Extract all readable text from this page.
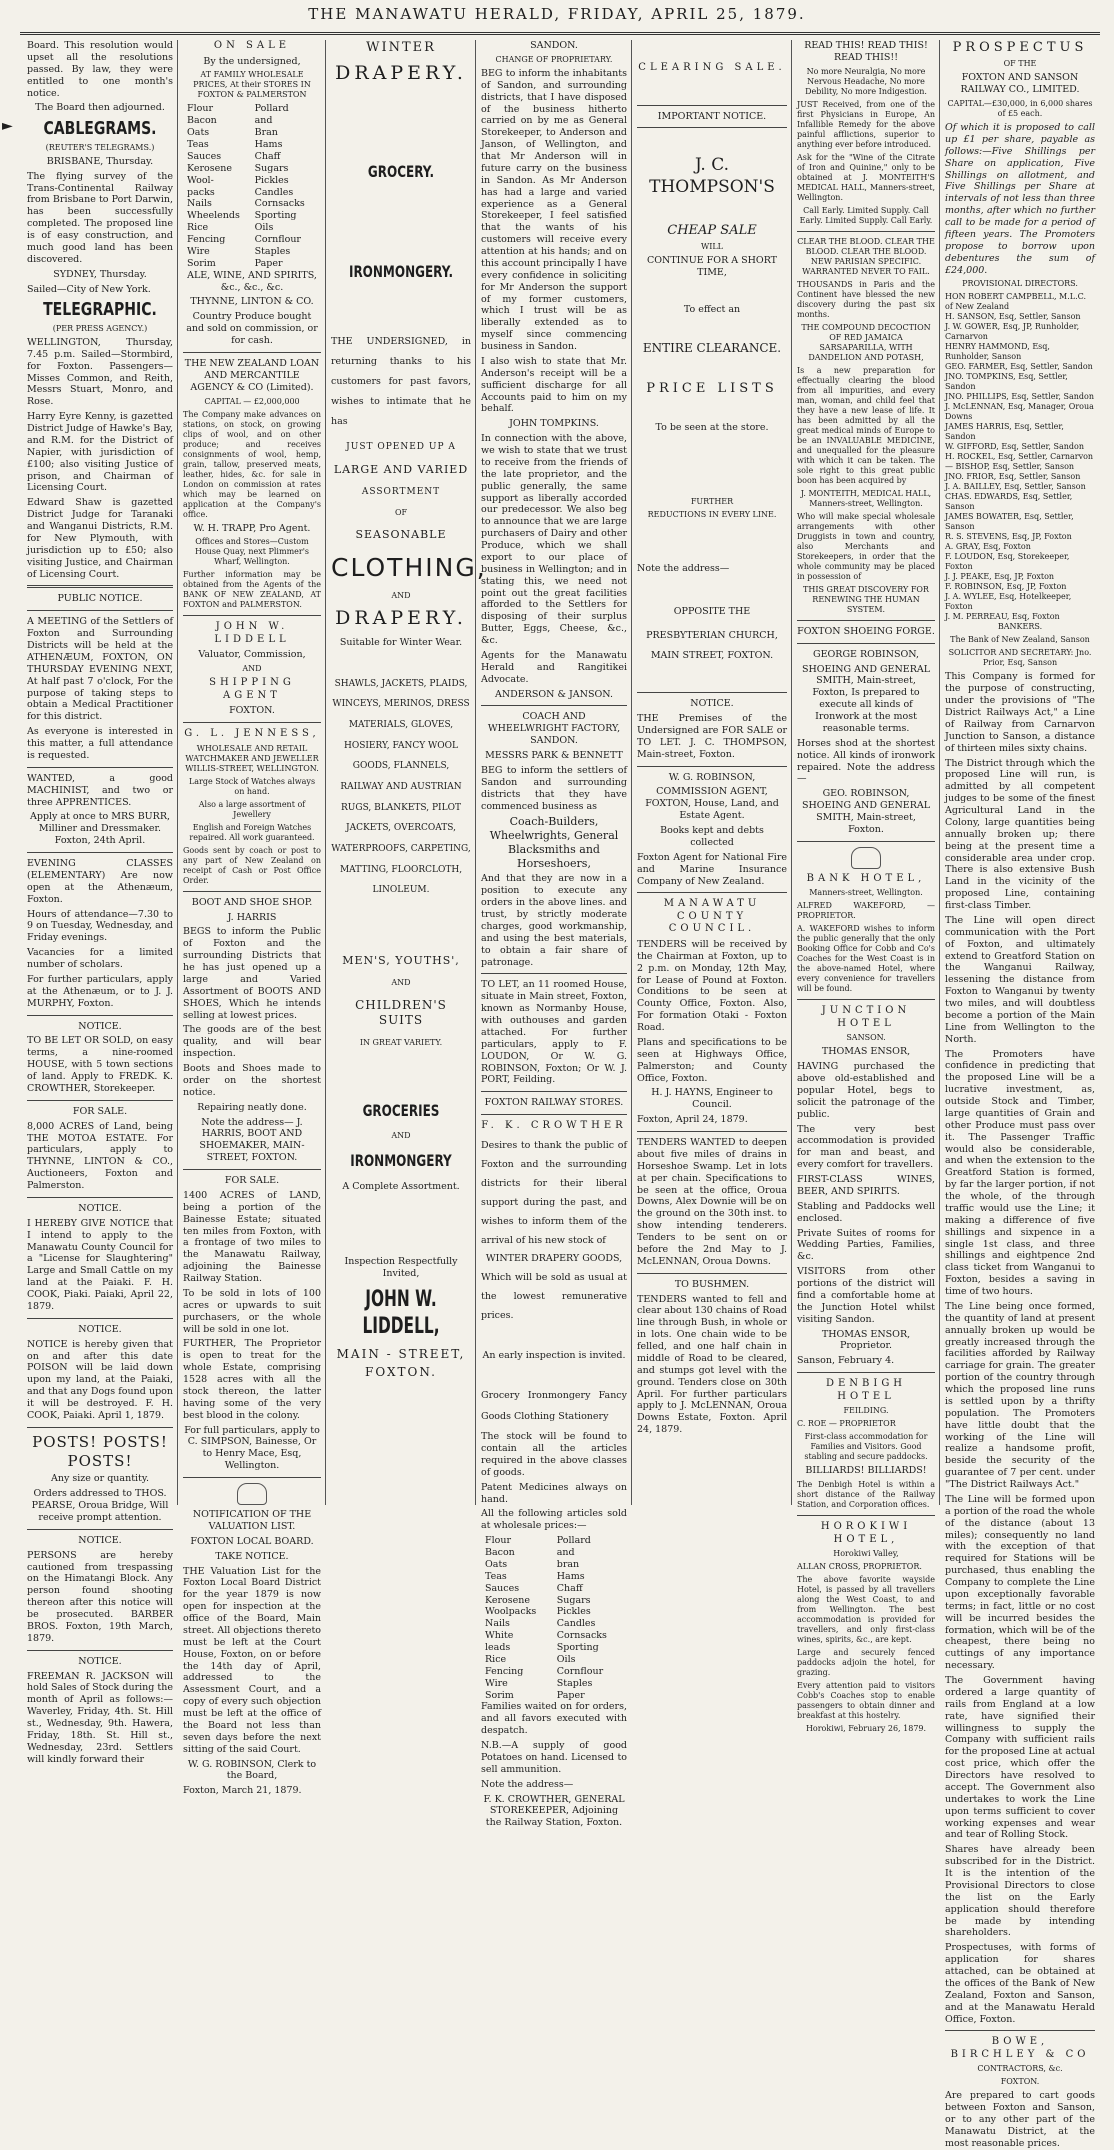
THE MANAWATU HERALD, FRIDAY, APRIL 25, 1879.
►

Board. This resolution would upset all the resolutions passed. By law, they were entitled to one month's notice.

The Board then adjourned.

CABLEGRAMS.

(REUTER'S TELEGRAMS.)

BRISBANE, Thursday.

The flying survey of the Trans-Continental Railway from Brisbane to Port Darwin, has been successfully completed. The proposed line is of easy construction, and much good land has been discovered.

SYDNEY, Thursday.

Sailed—City of New York.

TELEGRAPHIC.

(PER PRESS AGENCY.)

WELLINGTON, Thursday, 7.45 p.m. Sailed—Stormbird, for Foxton. Passengers—Misses Common, and Reith, Messrs Stuart, Monro, and Rose.

Harry Eyre Kenny, is gazetted District Judge of Hawke's Bay, and R.M. for the District of Napier, with jurisdiction of £100; also visiting Justice of prison, and Chairman of Licensing Court.

Edward Shaw is gazetted District Judge for Taranaki and Wanganui Districts, R.M. for New Plymouth, with jurisdiction up to £50; also visiting Justice, and Chairman of Licensing Court.

PUBLIC NOTICE.

A MEETING of the Settlers of Foxton and Surrounding Districts will be held at the ATHENÆUM, FOXTON, ON THURSDAY EVENING NEXT, At half past 7 o'clock, For the purpose of taking steps to obtain a Medical Practitioner for this district.

As everyone is interested in this matter, a full attendance is requested.

WANTED, a good MACHINIST, and two or three APPRENTICES.

Apply at once to MRS BURR, Milliner and Dressmaker. Foxton, 24th April.

EVENING CLASSES (ELEMENTARY) Are now open at the Athenæum, Foxton.

Hours of attendance—7.30 to 9 on Tuesday, Wednesday, and Friday evenings.

Vacancies for a limited number of scholars.

For further particulars, apply at the Athenæum, or to J. J. MURPHY, Foxton.

NOTICE.

TO BE LET OR SOLD, on easy terms, a nine-roomed HOUSE, with 5 town sections of land. Apply to FREDK. K. CROWTHER, Storekeeper.

FOR SALE.

8,000 ACRES of Land, being THE MOTOA ESTATE. For particulars, apply to THYNNE, LINTON & CO., Auctioneers, Foxton and Palmerston.

NOTICE.

I HEREBY GIVE NOTICE that I intend to apply to the Manawatu County Council for a "License for Slaughtering" Large and Small Cattle on my land at the Paiaki. F. H. COOK, Piaki. Paiaki, April 22, 1879.

NOTICE.

NOTICE is hereby given that on and after this date POISON will be laid down upon my land, at the Paiaki, and that any Dogs found upon it will be destroyed. F. H. COOK, Paiaki. April 1, 1879.

POSTS! POSTS! POSTS!

Any size or quantity.

Orders addressed to THOS. PEARSE, Oroua Bridge, Will receive prompt attention.

NOTICE.

PERSONS are hereby cautioned from trespassing on the Himatangi Block. Any person found shooting thereon after this notice will be prosecuted. BARBER BROS. Foxton, 19th March, 1879.

NOTICE.

FREEMAN R. JACKSON will hold Sales of Stock during the month of April as follows:— Waverley, Friday, 4th. St. Hill st., Wednesday, 9th. Hawera, Friday, 18th. St. Hill st., Wednesday, 23rd. Settlers will kindly forward their

ON SALE

By the undersigned,

AT FAMILY WHOLESALE PRICES, At their STORES IN FOXTON & PALMERSTON

Flour
Bacon
Oats
Teas
Sauces
Kerosene
Wool-packs
Nails
Wheelends
Rice
Fencing Wire
Sorim
Pollard and Bran
Hams
Chaff
Sugars
Pickles
Candles
Cornsacks
Sporting
Oils
Cornflour
Staples
Paper

ALE, WINE, AND SPIRITS, &c., &c., &c.

THYNNE, LINTON & CO.

Country Produce bought and sold on commission, or for cash.

THE NEW ZEALAND LOAN AND MERCANTILE AGENCY & CO (Limited).

CAPITAL — £2,000,000

The Company make advances on stations, on stock, on growing clips of wool, and on other produce; and receives consignments of wool, hemp, grain, tallow, preserved meats, leather, hides, &c. for sale in London on commission at rates which may be learned on application at the Company's office.

W. H. TRAPP, Pro Agent.

Offices and Stores—Custom House Quay, next Plimmer's Wharf, Wellington.

Further information may be obtained from the Agents of the BANK OF NEW ZEALAND, AT FOXTON and PALMERSTON.

JOHN W. LIDDELL

Valuator, Commission,

AND

SHIPPING AGENT

FOXTON.

G. L. JENNESS,

WHOLESALE AND RETAIL WATCHMAKER AND JEWELLER WILLIS-STREET, WELLINGTON.

Large Stock of Watches always on hand.

Also a large assortment of Jewellery

English and Foreign Watches repaired. All work guaranteed.

Goods sent by coach or post to any part of New Zealand on receipt of Cash or Post Office Order.

BOOT AND SHOE SHOP.

J. HARRIS

BEGS to inform the Public of Foxton and the surrounding Districts that he has just opened up a large and Varied Assortment of BOOTS AND SHOES, Which he intends selling at lowest prices.

The goods are of the best quality, and will bear inspection.

Boots and Shoes made to order on the shortest notice.

Repairing neatly done.

Note the address— J. HARRIS, BOOT AND SHOEMAKER, MAIN-STREET, FOXTON.

FOR SALE.

1400 ACRES of LAND, being a portion of the Bainesse Estate; situated ten miles from Foxton, with a frontage of two miles to the Manawatu Railway, adjoining the Bainesse Railway Station.

To be sold in lots of 100 acres or upwards to suit purchasers, or the whole will be sold in one lot.

FURTHER, The Proprietor is open to treat for the whole Estate, comprising 1528 acres with all the stock thereon, the latter having some of the very best blood in the colony.

For full particulars, apply to C. SIMPSON, Bainesse, Or to Henry Mace, Esq, Wellington.

NOTIFICATION OF THE VALUATION LIST.

FOXTON LOCAL BOARD.

TAKE NOTICE.

THE Valuation List for the Foxton Local Board District for the year 1879 is now open for inspection at the office of the Board, Main street. All objections thereto must be left at the Court House, Foxton, on or before the 14th day of April, addressed to the Assessment Court, and a copy of every such objection must be left at the office of the Board not less than seven days before the next sitting of the said Court.

W. G. ROBINSON, Clerk to the Board,

Foxton, March 21, 1879.

WINTER

DRAPERY.
GROCERY.
IRONMONGERY.

THE UNDERSIGNED, in returning thanks to his customers for past favors, wishes to intimate that he has

JUST OPENED UP A

LARGE AND VARIED

ASSORTMENT

OF

SEASONABLE

CLOTHING,

AND

DRAPERY.

Suitable for Winter Wear.

SHAWLS, JACKETS, PLAIDS, WINCEYS, MERINOS, DRESS MATERIALS, GLOVES, HOSIERY, FANCY WOOL GOODS, FLANNELS, RAILWAY AND AUSTRIAN RUGS, BLANKETS, PILOT JACKETS, OVERCOATS, WATERPROOFS, CARPETING, MATTING, FLOORCLOTH, LINOLEUM.

MEN'S, YOUTHS',

AND

CHILDREN'S SUITS

IN GREAT VARIETY.

GROCERIES

AND

IRONMONGERY

A Complete Assortment.

Inspection Respectfully Invited,

JOHN W. LIDDELL,

MAIN - STREET,

FOXTON.

SANDON.

CHANGE OF PROPRIETARY.

BEG to inform the inhabitants of Sandon, and surrounding districts, that I have disposed of the business hitherto carried on by me as General Storekeeper, to Anderson and Janson, of Wellington, and that Mr Anderson will in future carry on the business in Sandon. As Mr Anderson has had a large and varied experience as a General Storekeeper, I feel satisfied that the wants of his customers will receive every attention at his hands; and on this account principally I have every confidence in soliciting for Mr Anderson the support of my former customers, which I trust will be as liberally extended as to myself since commencing business in Sandon.

I also wish to state that Mr. Anderson's receipt will be a sufficient discharge for all Accounts paid to him on my behalf.

JOHN TOMPKINS.

In connection with the above, we wish to state that we trust to receive from the friends of the late proprietor, and the public generally, the same support as liberally accorded our predecessor. We also beg to announce that we are large purchasers of Dairy and other Produce, which we shall export to our place of business in Wellington; and in stating this, we need not point out the great facilities afforded to the Settlers for disposing of their surplus Butter, Eggs, Cheese, &c., &c.

Agents for the Manawatu Herald and Rangitikei Advocate.

ANDERSON & JANSON.

COACH AND WHEELWRIGHT FACTORY, SANDON.

MESSRS PARK & BENNETT

BEG to inform the settlers of Sandon and surrounding districts that they have commenced business as

Coach-Builders, Wheelwrights, General Blacksmiths and Horseshoers,

And that they are now in a position to execute any orders in the above lines. and trust, by strictly moderate charges, good workmanship, and using the best materials, to obtain a fair share of patronage.

TO LET, an 11 roomed House, situate in Main street, Foxton, known as Normanby House, with outhouses and garden attached. For further particulars, apply to F. LOUDON, Or W. G. ROBINSON, Foxton; Or W. J. PORT, Feilding.

FOXTON RAILWAY STORES.

F. K. CROWTHER

Desires to thank the public of Foxton and the surrounding districts for their liberal support during the past, and wishes to inform them of the arrival of his new stock of

WINTER DRAPERY GOODS,

Which will be sold as usual at the lowest remunerative prices.

An early inspection is invited.

Grocery Ironmongery Fancy Goods Clothing Stationery

The stock will be found to contain all the articles required in the above classes of goods.

Patent Medicines always on hand.

All the following articles sold at wholesale prices:—

Flour
Bacon
Oats
Teas
Sauces
Kerosene
Woolpacks
Nails
White leads
Rice
Fencing Wire
Sorim
Pollard and bran
Hams
Chaff
Sugars
Pickles
Candles
Cornsacks
Sporting
Oils
Cornflour
Staples
Paper

Families waited on for orders, and all favors executed with despatch.

N.B.—A supply of good Potatoes on hand. Licensed to sell ammunition.

Note the address—

F. K. CROWTHER, GENERAL STOREKEEPER, Adjoining the Railway Station, Foxton.

CLEARING SALE.

IMPORTANT NOTICE.

J. C. THOMPSON'S

CHEAP SALE

WILL

CONTINUE FOR A SHORT TIME,

To effect an

ENTIRE CLEARANCE.

PRICE LISTS

To be seen at the store.

FURTHER

REDUCTIONS IN EVERY LINE.

Note the address—

OPPOSITE THE PRESBYTERIAN CHURCH,

MAIN STREET, FOXTON.

NOTICE.

THE Premises of the Undersigned are FOR SALE or TO LET. J. C. THOMPSON, Main-street, Foxton.

W. G. ROBINSON,

COMMISSION AGENT, FOXTON, House, Land, and Estate Agent.

Books kept and debts collected

Foxton Agent for National Fire and Marine Insurance Company of New Zealand.

MANAWATU COUNTY COUNCIL.

TENDERS will be received by the Chairman at Foxton, up to 2 p.m. on Monday, 12th May, for Lease of Pound at Foxton. Conditions to be seen at County Office, Foxton. Also, For formation Otaki - Foxton Road.

Plans and specifications to be seen at Highways Office, Palmerston; and County Office, Foxton.

H. J. HAYNS, Engineer to Council.

Foxton, April 24, 1879.

TENDERS WANTED to deepen about five miles of drains in Horseshoe Swamp. Let in lots at per chain. Specifications to be seen at the office, Oroua Downs, Alex Downie will be on the ground on the 30th inst. to show intending tenderers. Tenders to be sent on or before the 2nd May to J. McLENNAN, Oroua Downs.

TO BUSHMEN.

TENDERS wanted to fell and clear about 130 chains of Road line through Bush, in whole or in lots. One chain wide to be felled, and one half chain in middle of Road to be cleared, and stumps got level with the ground. Tenders close on 30th April. For further particulars apply to J. McLENNAN, Oroua Downs Estate, Foxton. April 24, 1879.

READ THIS! READ THIS! READ THIS!!

No more Neuralgia, No more Nervous Headache, No more Debility, No more Indigestion.

JUST Received, from one of the first Physicians in Europe, An Infallible Remedy for the above painful afflictions, superior to anything ever before introduced.

Ask for the "Wine of the Citrate of Iron and Quinine," only to be obtained at J. MONTEITH'S MEDICAL HALL, Manners-street, Wellington.

Call Early. Limited Supply. Call Early. Limited Supply. Call Early.

CLEAR THE BLOOD. CLEAR THE BLOOD. CLEAR THE BLOOD. NEW PARISIAN SPECIFIC. WARRANTED NEVER TO FAIL.

THOUSANDS in Paris and the Continent have blessed the new discovery during the past six months.

THE COMPOUND DECOCTION OF RED JAMAICA SARSAPARILLA, WITH DANDELION AND POTASH,

Is a new preparation for effectually clearing the blood from all impurities, and every man, woman, and child feel that they have a new lease of life. It has been admitted by all the great medical minds of Europe to be an INVALUABLE MEDICINE, and unequalled for the pleasure with which it can be taken. The sole right to this great public boon has been acquired by

J. MONTEITH, MEDICAL HALL, Manners-street, Wellington.

Who will make special wholesale arrangements with other Druggists in town and country, also Merchants and Storekeepers, in order that the whole community may be placed in possession of

THIS GREAT DISCOVERY FOR RENEWING THE HUMAN SYSTEM.

FOXTON SHOEING FORGE.

GEORGE ROBINSON,

SHOEING AND GENERAL SMITH, Main-street, Foxton, Is prepared to execute all kinds of Ironwork at the most reasonable terms.

Horses shod at the shortest notice. All kinds of ironwork repaired. Note the address—

GEO. ROBINSON, SHOEING AND GENERAL SMITH, Main-street, Foxton.

BANK HOTEL,

Manners-street, Wellington.

ALFRED WAKEFORD, — PROPRIETOR.

A. WAKEFORD wishes to inform the public generally that the only Booking Office for Cobb and Co's Coaches for the West Coast is in the above-named Hotel, where every convenience for travellers will be found.

JUNCTION HOTEL

SANSON.

THOMAS ENSOR,

HAVING purchased the above old-established and popular Hotel, begs to solicit the patronage of the public.

The very best accommodation is provided for man and beast, and every comfort for travellers.

FIRST-CLASS WINES, BEER, AND SPIRITS.

Stabling and Paddocks well enclosed.

Private Suites of rooms for Wedding Parties, Families, &c.

VISITORS from other portions of the district will find a comfortable home at the Junction Hotel whilst visiting Sandon.

THOMAS ENSOR, Proprietor.

Sanson, February 4.

DENBIGH HOTEL

FEILDING.

C. ROE — PROPRIETOR

First-class accommodation for Families and Visitors. Good stabling and secure paddocks.

BILLIARDS! BILLIARDS!

The Denbigh Hotel is within a short distance of the Railway Station, and Corporation offices.

HOROKIWI HOTEL,

Horokiwi Valley,

ALLAN CROSS, PROPRIETOR.

The above favorite wayside Hotel, is passed by all travellers along the West Coast, to and from Wellington. The best accommodation is provided for travellers, and only first-class wines, spirits, &c., are kept.

Large and securely fenced paddocks adjoin the hotel, for grazing.

Every attention paid to visitors Cobb's Coaches stop to enable passengers to obtain dinner and breakfast at this hostelry.

Horokiwi, February 26, 1879.

PROSPECTUS

OF THE

FOXTON AND SANSON RAILWAY CO., LIMITED.

CAPITAL—£30,000, in 6,000 shares of £5 each.

Of which it is proposed to call up £1 per share, payable as follows:—Five Shillings per Share on application, Five Shillings on allotment, and Five Shillings per Share at intervals of not less than three months, after which no further call to be made for a period of fifteen years. The Promoters propose to borrow upon debentures the sum of £24,000.

PROVISIONAL DIRECTORS.

HON ROBERT CAMPBELL, M.L.C. of New Zealand
H. SANSON, Esq, Settler, Sanson
J. W. GOWER, Esq, JP, Runholder, Carnarvon
HENRY HAMMOND, Esq, Runholder, Sanson
GEO. FARMER, Esq, Settler, Sandon
JNO. TOMPKINS, Esq, Settler, Sandon
JNO. PHILLIPS, Esq, Settler, Sandon
J. McLENNAN, Esq, Manager, Oroua Downs
JAMES HARRIS, Esq, Settler, Sandon
W. GIFFORD, Esq, Settler, Sandon
H. ROCKEL, Esq, Settler, Carnarvon
— BISHOP, Esq, Settler, Sanson
JNO. FRIOR, Esq, Settler, Sanson
J. A. BAILLEY, Esq, Settler, Sanson
CHAS. EDWARDS, Esq, Settler, Sanson
JAMES BOWATER, Esq, Settler, Sanson
R. S. STEVENS, Esq, JP, Foxton
A. GRAY, Esq, Foxton
F. LOUDON, Esq, Storekeeper, Foxton
J. J. PEAKE, Esq, JP, Foxton
F. ROBINSON, Esq, JP, Foxton
J. A. WYLEE, Esq, Hotelkeeper, Foxton
J. M. PERREAU, Esq, Foxton

BANKERS.

The Bank of New Zealand, Sanson

SOLICITOR AND SECRETARY: Jno. Prior, Esq, Sanson

This Company is formed for the purpose of constructing, under the provisions of "The District Railways Act," a Line of Railway from Carnarvon Junction to Sanson, a distance of thirteen miles sixty chains.

The District through which the proposed Line will run, is admitted by all competent judges to be some of the finest Agricultural Land in the Colony, large quantities being annually broken up; there being at the present time a considerable area under crop. There is also extensive Bush Land in the vicinity of the proposed Line, containing first-class Timber.

The Line will open direct communication with the Port of Foxton, and ultimately extend to Greatford Station on the Wanganui Railway, lessening the distance from Foxton to Wanganui by twenty two miles, and will doubtless become a portion of the Main Line from Wellington to the North.

The Promoters have confidence in predicting that the proposed Line will be a lucrative investment, as, outside Stock and Timber, large quantities of Grain and other Produce must pass over it. The Passenger Traffic would also be considerable, and when the extension to the Greatford Station is formed, by far the larger portion, if not the whole, of the through traffic would use the Line; it making a difference of five shillings and sixpence in a single 1st class, and three shillings and eightpence 2nd class ticket from Wanganui to Foxton, besides a saving in time of two hours.

The Line being once formed, the quantity of land at present annually broken up would be greatly increased through the facilities afforded by Railway carriage for grain. The greater portion of the country through which the proposed line runs is settled upon by a thrifty population. The Promoters have little doubt that the working of the Line will realize a handsome profit, beside the security of the guarantee of 7 per cent. under "The District Railways Act."

The Line will be formed upon a portion of the road the whole of the distance (about 13 miles); consequently no land with the exception of that required for Stations will be purchased, thus enabling the Company to complete the Line upon exceptionally favorable terms; in fact, little or no cost will be incurred besides the formation, which will be of the cheapest, there being no cuttings of any importance necessary.

The Government having ordered a large quantity of rails from England at a low rate, have signified their willingness to supply the Company with sufficient rails for the proposed Line at actual cost price, which offer the Directors have resolved to accept. The Government also undertakes to work the Line upon terms sufficient to cover working expenses and wear and tear of Rolling Stock.

Shares have already been subscribed for in the District. It is the intention of the Provisional Directors to close the list on the Early application should therefore be made by intending shareholders.

Prospectuses, with forms of application for shares attached, can be obtained at the offices of the Bank of New Zealand, Foxton and Sanson, and at the Manawatu Herald Office, Foxton.

BOWE, BIRCHLEY & CO

CONTRACTORS, &c.

FOXTON.

Are prepared to cart goods between Foxton and Sanson, or to any other part of the Manawatu District, at the most reasonable prices.
